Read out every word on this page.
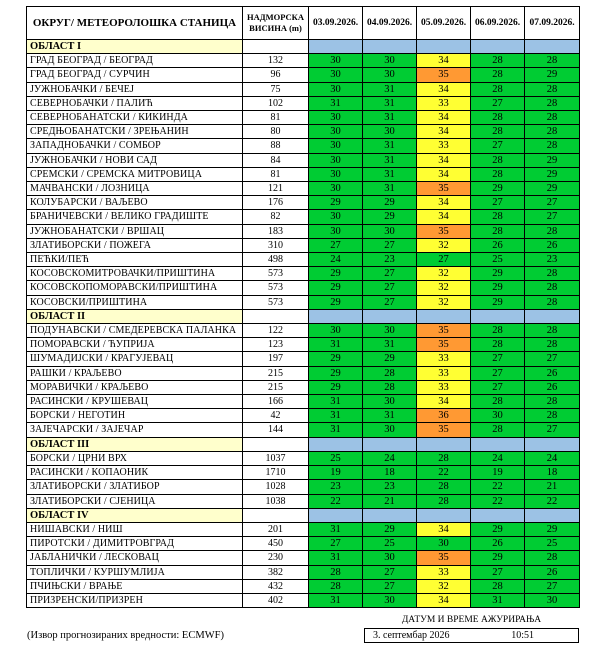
ОКРУГ/ МЕТЕОРОЛОШКА СТАНИЦА	НАДМОРСКА
ВИСИНА (m)	03.09.2026.	04.09.2026.	05.09.2026.	06.09.2026.	07.09.2026.
ОБЛАСТ I						
ГРАД БЕОГРАД / БЕОГРАД	132	30	30	34	28	28
ГРАД БЕОГРАД / СУРЧИН	96	30	30	35	28	29
ЈУЖНОБАЧКИ / БЕЧЕЈ	75	30	31	34	28	28
СЕВЕРНОБАЧКИ / ПАЛИЋ	102	31	31	33	27	28
СЕВЕРНОБАНАТСКИ / КИКИНДА	81	30	31	34	28	28
СРЕДЊОБАНАТСКИ / ЗРЕЊАНИН	80	30	30	34	28	28
ЗАПАДНОБАЧКИ / СОМБОР	88	30	31	33	27	28
ЈУЖНОБАЧКИ / НОВИ САД	84	30	31	34	28	29
СРЕМСКИ / СРЕМСКА МИТРОВИЦА	81	30	31	34	28	29
МАЧВАНСКИ / ЛОЗНИЦА	121	30	31	35	29	29
КОЛУБАРСКИ / ВАЉЕВО	176	29	29	34	27	27
БРАНИЧЕВСКИ / ВЕЛИКО ГРАДИШТЕ	82	30	29	34	28	27
ЈУЖНОБАНАТСКИ / ВРШАЦ	183	30	30	35	28	28
ЗЛАТИБОРСКИ / ПОЖЕГА	310	27	27	32	26	26
ПЕЋКИ/ПЕЋ	498	24	23	27	25	23
КОСОВСКОМИТРОВАЧКИ/ПРИШТИНА	573	29	27	32	29	28
КОСОВСКОПОМОРАВСКИ/ПРИШТИНА	573	29	27	32	29	28
КОСОВСКИ/ПРИШТИНА	573	29	27	32	29	28
ОБЛАСТ II						
ПОДУНАВСКИ / СМЕДЕРЕВСКА ПАЛАНКА	122	30	30	35	28	28
ПОМОРАВСКИ / ЋУПРИЈА	123	31	31	35	28	28
ШУМАДИЈСКИ / КРАГУЈЕВАЦ	197	29	29	33	27	27
РАШКИ / КРАЉЕВО	215	29	28	33	27	26
МОРАВИЧКИ / КРАЉЕВО	215	29	28	33	27	26
РАСИНСКИ / КРУШЕВАЦ	166	31	30	34	28	28
БОРСКИ / НЕГОТИН	42	31	31	36	30	28
ЗАЈЕЧАРСКИ / ЗАЈЕЧАР	144	31	30	35	28	27
ОБЛАСТ III						
БОРСКИ / ЦРНИ ВРХ	1037	25	24	28	24	24
РАСИНСКИ / КОПАОНИК	1710	19	18	22	19	18
ЗЛАТИБОРСКИ / ЗЛАТИБОР	1028	23	23	28	22	21
ЗЛАТИБОРСКИ / СЈЕНИЦА	1038	22	21	28	22	22
ОБЛАСТ IV						
НИШАВСКИ / НИШ	201	31	29	34	29	29
ПИРОТСКИ / ДИМИТРОВГРАД	450	27	25	30	26	25
ЈАБЛАНИЧКИ / ЛЕСКОВАЦ	230	31	30	35	29	28
ТОПЛИЧКИ / КУРШУМЛИЈА	382	28	27	33	27	26
ПЧИЊСКИ / ВРАЊЕ	432	28	27	32	28	27
ПРИЗРЕНСКИ/ПРИЗРЕН	402	31	30	34	31	30
ДАТУМ И ВРЕМЕ АЖУРИРАЊА
3. септембар 2026	10:51
(Извор прогнозираних вредности: ECMWF)
